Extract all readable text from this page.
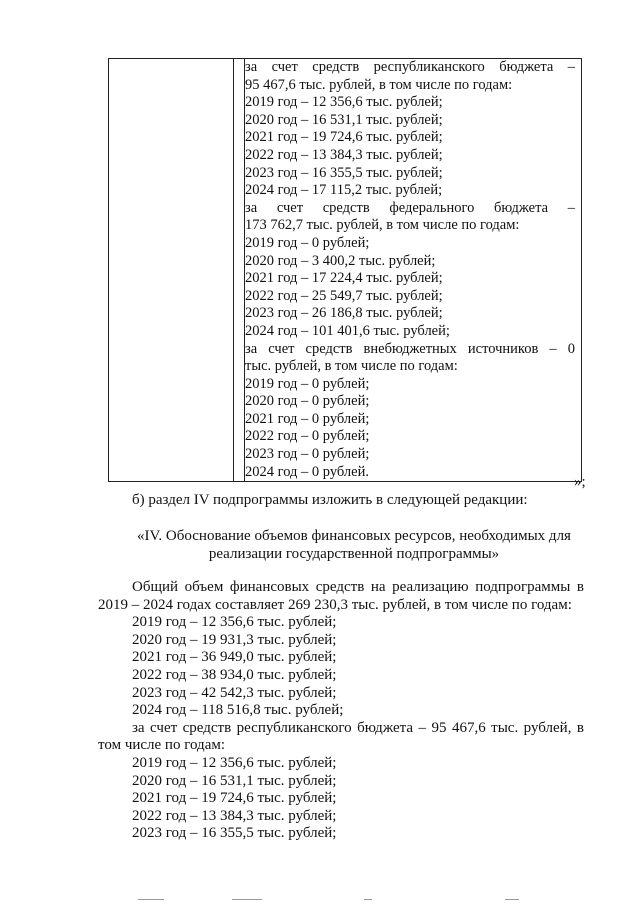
за счет средств республиканского бюджета –
95 467,6 тыс. рублей, в том числе по годам:
2019 год – 12 356,6 тыс. рублей;
2020 год – 16 531,1 тыс. рублей;
2021 год – 19 724,6 тыс. рублей;
2022 год – 13 384,3 тыс. рублей;
2023 год – 16 355,5 тыс. рублей;
2024 год – 17 115,2 тыс. рублей;
за счет средств федерального бюджета –
173 762,7 тыс. рублей, в том числе по годам:
2019 год – 0 рублей;
2020 год – 3 400,2 тыс. рублей;
2021 год – 17 224,4 тыс. рублей;
2022 год – 25 549,7 тыс. рублей;
2023 год – 26 186,8 тыс. рублей;
2024 год – 101 401,6 тыс. рублей;
за счет средств внебюджетных источников – 0
тыс. рублей, в том числе по годам:
2019 год – 0 рублей;
2020 год – 0 рублей;
2021 год – 0 рублей;
2022 год – 0 рублей;
2023 год – 0 рублей;
2024 год – 0 рублей.
»;
б) раздел IV подпрограммы изложить в следующей редакции:
«IV. Обоснование объемов финансовых ресурсов, необходимых для
реализации государственной подпрограммы»
Общий объем финансовых средств на реализацию подпрограммы в 2019 – 2024 годах составляет 269 230,3 тыс. рублей, в том числе по годам:
2019 год – 12 356,6 тыс. рублей;
2020 год – 19 931,3 тыс. рублей;
2021 год – 36 949,0 тыс. рублей;
2022 год – 38 934,0 тыс. рублей;
2023 год – 42 542,3 тыс. рублей;
2024 год – 118 516,8 тыс. рублей;
за счет средств республиканского бюджета – 95 467,6 тыс. рублей, в том числе по годам:
2019 год – 12 356,6 тыс. рублей;
2020 год – 16 531,1 тыс. рублей;
2021 год – 19 724,6 тыс. рублей;
2022 год – 13 384,3 тыс. рублей;
2023 год – 16 355,5 тыс. рублей;
